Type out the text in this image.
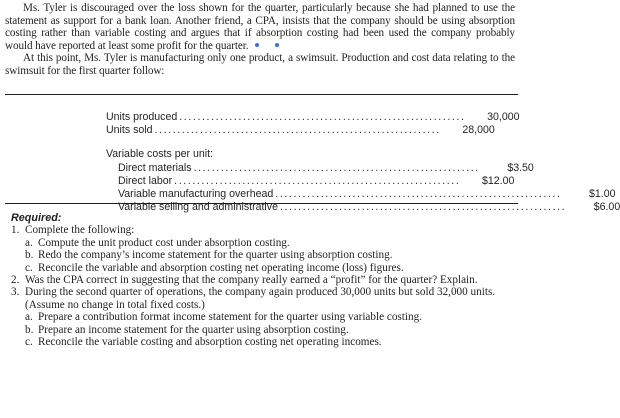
Ms. Tyler is discouraged over the loss shown for the quarter, particularly because she had planned to use the statement as support for a bank loan. Another friend, a CPA, insists that the company should be using absorption costing rather than variable costing and argues that if absorption costing had been used the company probably would have reported at least some profit for the quarter.

At this point, Ms. Tyler is manufacturing only one product, a swimsuit. Production and cost data relating to the swimsuit for the first quarter follow:

Units produced ...............................................................	30,000
Units sold ...............................................................	28,000
Variable costs per unit:
Direct materials ...............................................................	$3.50
Direct labor ...............................................................	$12.00
Variable manufacturing overhead ...............................................................	$1.00
Variable selling and administrative ...............................................................	$6.00
Required:
1. Complete the following:
a. Compute the unit product cost under absorption costing.
b. Redo the company’s income statement for the quarter using absorption costing.
c. Reconcile the variable and absorption costing net operating income (loss) figures.
2. Was the CPA correct in suggesting that the company really earned a “profit” for the quarter? Explain.
3. During the second quarter of operations, the company again produced 30,000 units but sold 32,000 units. (Assume no change in total fixed costs.)
a. Prepare a contribution format income statement for the quarter using variable costing.
b. Prepare an income statement for the quarter using absorption costing.
c. Reconcile the variable costing and absorption costing net operating incomes.
